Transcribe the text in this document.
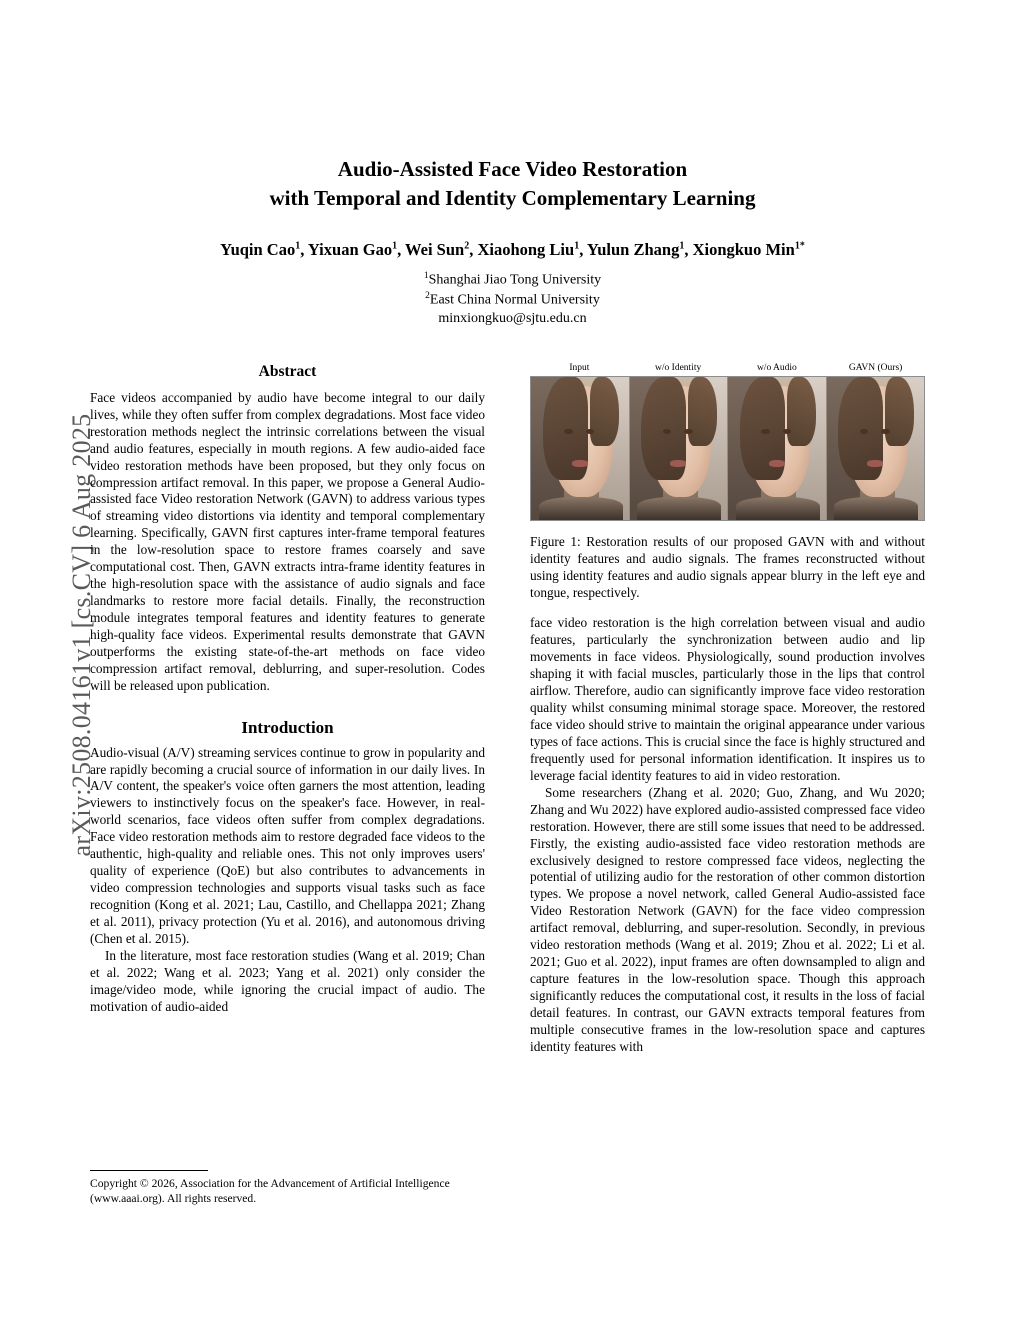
arXiv:2508.04161v1 [cs.CV] 6 Aug 2025
Audio-Assisted Face Video Restoration
with Temporal and Identity Complementary Learning
Yuqin Cao$^1$, Yixuan Gao$^1$, Wei Sun$^2$, Xiaohong Liu$^1$, Yulun Zhang$^1$, Xiongkuo Min$^{1*}$
$^1$Shanghai Jiao Tong University
$^2$East China Normal University
minxiongkuo@sjtu.edu.cn
Abstract

Face videos accompanied by audio have become integral to our daily lives, while they often suffer from complex degradations. Most face video restoration methods neglect the intrinsic correlations between the visual and audio features, especially in mouth regions. A few audio-aided face video restoration methods have been proposed, but they only focus on compression artifact removal. In this paper, we propose a General Audio-assisted face Video restoration Network (GAVN) to address various types of streaming video distortions via identity and temporal complementary learning. Specifically, GAVN first captures inter-frame temporal features in the low-resolution space to restore frames coarsely and save computational cost. Then, GAVN extracts intra-frame identity features in the high-resolution space with the assistance of audio signals and face landmarks to restore more facial details. Finally, the reconstruction module integrates temporal features and identity features to generate high-quality face videos. Experimental results demonstrate that GAVN outperforms the existing state-of-the-art methods on face video compression artifact removal, deblurring, and super-resolution. Codes will be released upon publication.

Introduction

Audio-visual (A/V) streaming services continue to grow in popularity and are rapidly becoming a crucial source of information in our daily lives. In A/V content, the speaker's voice often garners the most attention, leading viewers to instinctively focus on the speaker's face. However, in real-world scenarios, face videos often suffer from complex degradations. Face video restoration methods aim to restore degraded face videos to the authentic, high-quality and reliable ones. This not only improves users' quality of experience (QoE) but also contributes to advancements in video compression technologies and supports visual tasks such as face recognition (Kong et al. 2021; Lau, Castillo, and Chellappa 2021; Zhang et al. 2011), privacy protection (Yu et al. 2016), and autonomous driving (Chen et al. 2015).

In the literature, most face restoration studies (Wang et al. 2019; Chan et al. 2022; Wang et al. 2023; Yang et al. 2021) only consider the image/video mode, while ignoring the crucial impact of audio. The motivation of audio-aided

Input	w/o Identity	w/o Audio	GAVN (Ours)
Figure 1: Restoration results of our proposed GAVN with and without identity features and audio signals. The frames reconstructed without using identity features and audio signals appear blurry in the left eye and tongue, respectively.

face video restoration is the high correlation between visual and audio features, particularly the synchronization between audio and lip movements in face videos. Physiologically, sound production involves shaping it with facial muscles, particularly those in the lips that control airflow. Therefore, audio can significantly improve face video restoration quality whilst consuming minimal storage space. Moreover, the restored face video should strive to maintain the original appearance under various types of face actions. This is crucial since the face is highly structured and frequently used for personal information identification. It inspires us to leverage facial identity features to aid in video restoration.

Some researchers (Zhang et al. 2020; Guo, Zhang, and Wu 2020; Zhang and Wu 2022) have explored audio-assisted compressed face video restoration. However, there are still some issues that need to be addressed. Firstly, the existing audio-assisted face video restoration methods are exclusively designed to restore compressed face videos, neglecting the potential of utilizing audio for the restoration of other common distortion types. We propose a novel network, called General Audio-assisted face Video Restoration Network (GAVN) for the face video compression artifact removal, deblurring, and super-resolution. Secondly, in previous video restoration methods (Wang et al. 2019; Zhou et al. 2022; Li et al. 2021; Guo et al. 2022), input frames are often downsampled to align and capture features in the low-resolution space. Though this approach significantly reduces the computational cost, it results in the loss of facial detail features. In contrast, our GAVN extracts temporal features from multiple consecutive frames in the low-resolution space and captures identity features with

Copyright © 2026, Association for the Advancement of Artificial Intelligence (www.aaai.org). All rights reserved.
